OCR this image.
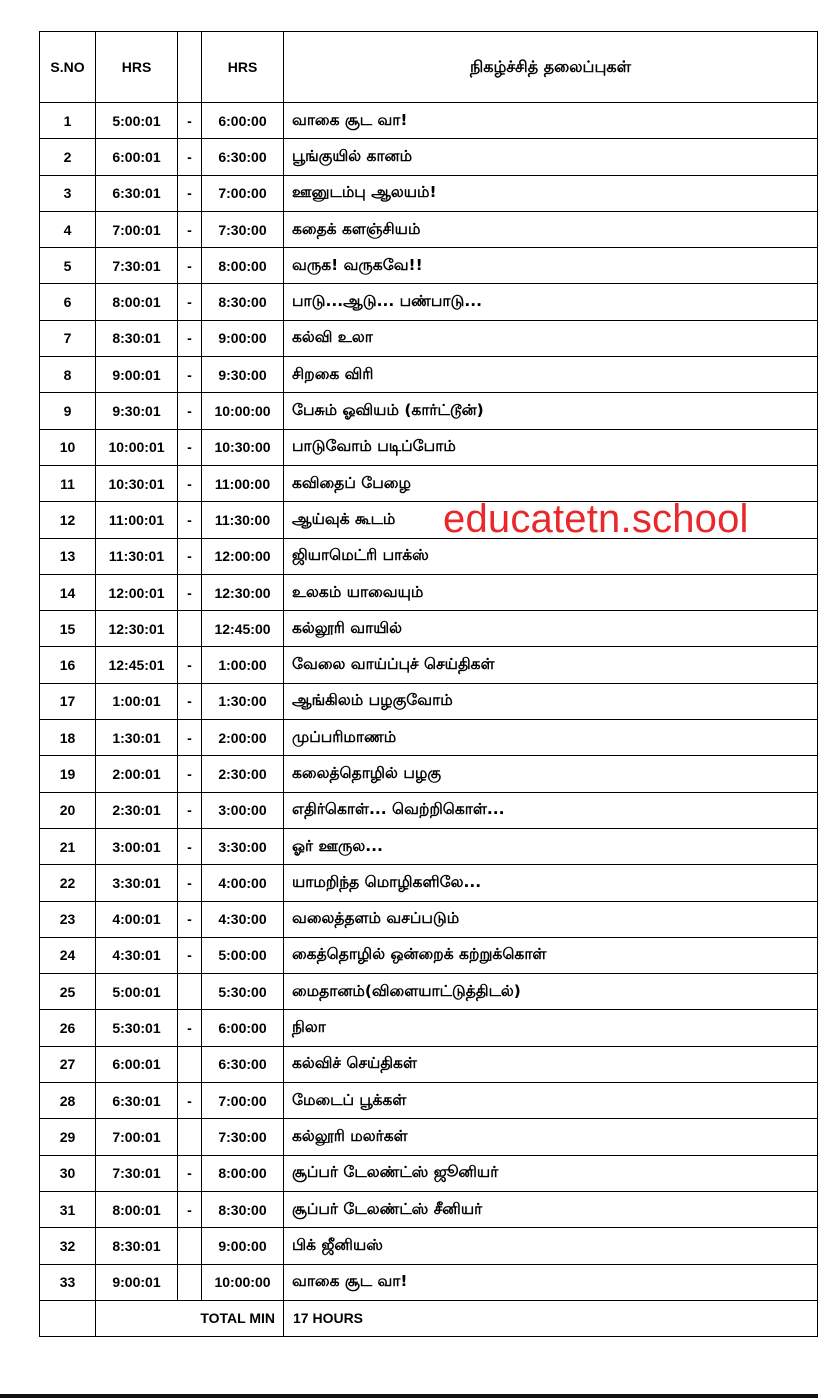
S.NO	HRS		HRS	நிகழ்ச்சித் தலைப்புகள்
1	5:00:01	-	6:00:00	வாகை சூட வா!
2	6:00:01	-	6:30:00	பூங்குயில் கானம்
3	6:30:01	-	7:00:00	ஊனுடம்பு ஆலயம்!
4	7:00:01	-	7:30:00	கதைக் களஞ்சியம்
5	7:30:01	-	8:00:00	வருக! வருகவே!!
6	8:00:01	-	8:30:00	பாடு...ஆடு... பண்பாடு...
7	8:30:01	-	9:00:00	கல்வி உலா
8	9:00:01	-	9:30:00	சிறகை விரி
9	9:30:01	-	10:00:00	பேசும் ஓவியம் (கார்ட்டூன்)
10	10:00:01	-	10:30:00	பாடுவோம் படிப்போம்
11	10:30:01	-	11:00:00	கவிதைப் பேழை
12	11:00:01	-	11:30:00	ஆய்வுக் கூடம்
13	11:30:01	-	12:00:00	ஜியாமெட்ரி பாக்ஸ்
14	12:00:01	-	12:30:00	உலகம் யாவையும்
15	12:30:01		12:45:00	கல்லூரி வாயில்
16	12:45:01	-	1:00:00	வேலை வாய்ப்புச் செய்திகள்
17	1:00:01	-	1:30:00	ஆங்கிலம் பழகுவோம்
18	1:30:01	-	2:00:00	முப்பரிமாணம்
19	2:00:01	-	2:30:00	கலைத்தொழில் பழகு
20	2:30:01	-	3:00:00	எதிர்கொள்... வெற்றிகொள்...
21	3:00:01	-	3:30:00	ஓர் ஊருல...
22	3:30:01	-	4:00:00	யாமறிந்த மொழிகளிலே...
23	4:00:01	-	4:30:00	வலைத்தளம் வசப்படும்
24	4:30:01	-	5:00:00	கைத்தொழில் ஒன்றைக் கற்றுக்கொள்
25	5:00:01		5:30:00	மைதானம்(விளையாட்டுத்திடல்)
26	5:30:01	-	6:00:00	நிலா
27	6:00:01		6:30:00	கல்விச் செய்திகள்
28	6:30:01	-	7:00:00	மேடைப் பூக்கள்
29	7:00:01		7:30:00	கல்லூரி மலர்கள்
30	7:30:01	-	8:00:00	சூப்பர் டேலண்ட்ஸ் ஜூனியர்
31	8:00:01	-	8:30:00	சூப்பர் டேலண்ட்ஸ் சீனியர்
32	8:30:01		9:00:00	பிக் ஜீனியஸ்
33	9:00:01		10:00:00	வாகை சூட வா!
	TOTAL MIN			17 HOURS
educatetn.school
